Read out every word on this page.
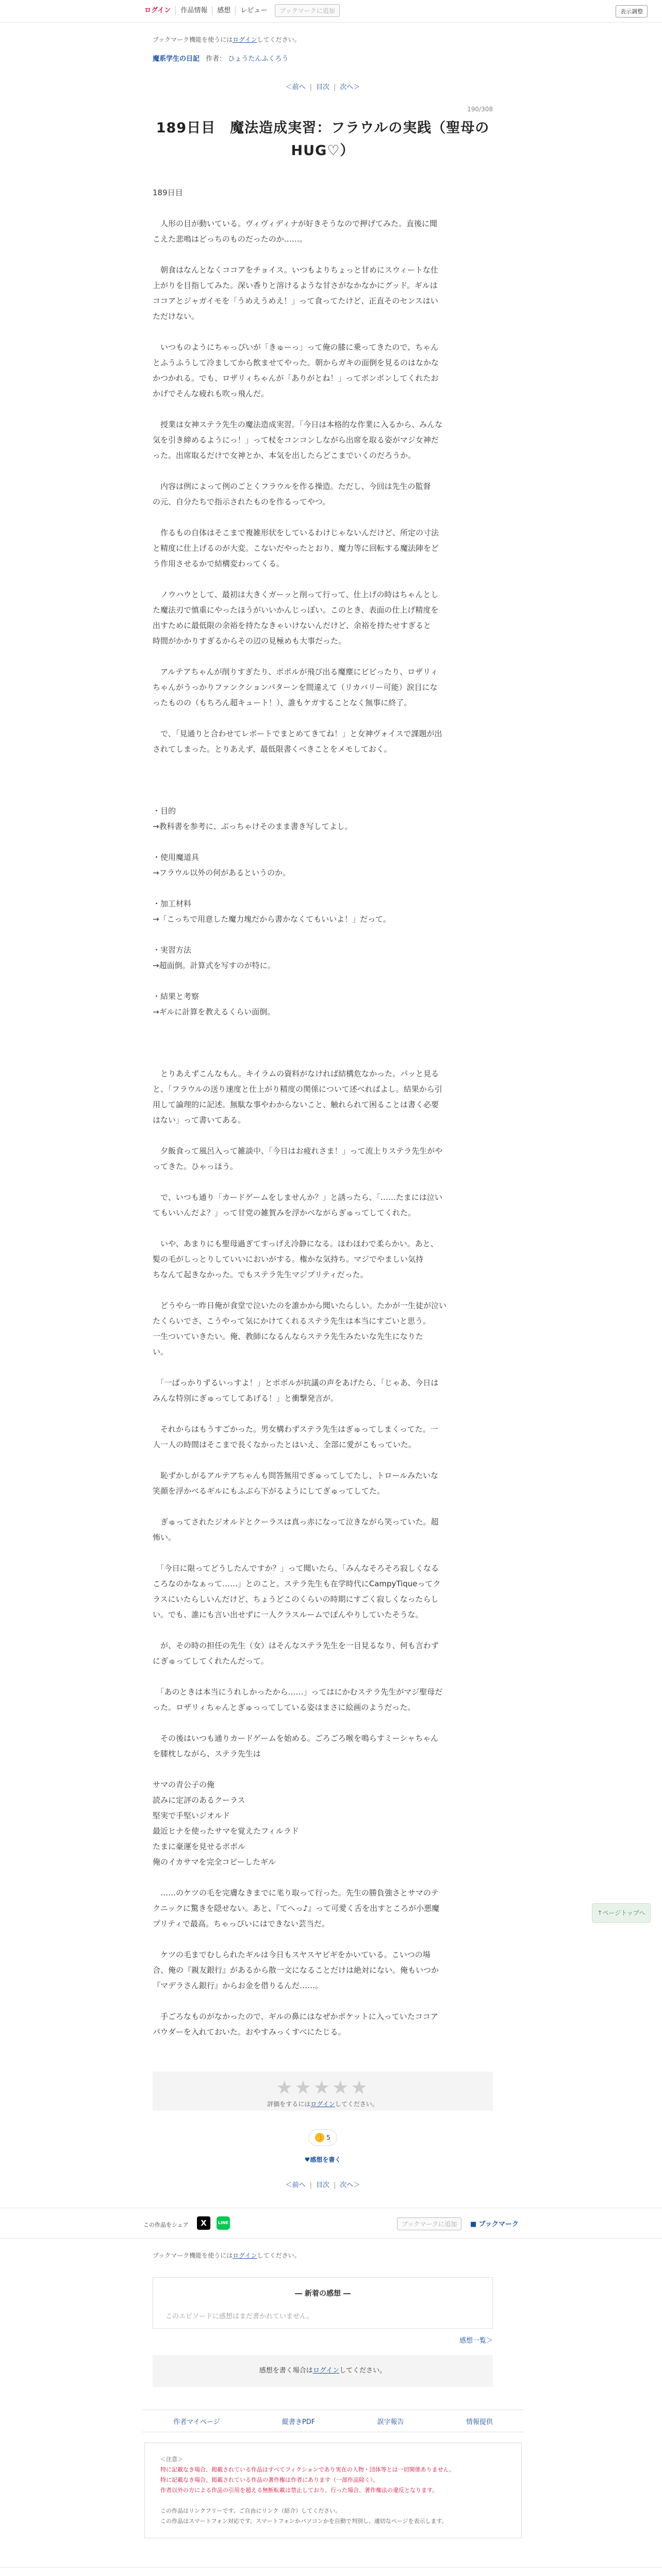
ログイン	作品情報	感想	レビュー	ブックマークに追加	表示調整
ブックマーク機能を使うにはログインしてください。
魔系学生の日記 作者： ひょうたんふくろう
＜前へ | 目次 | 次へ＞
190/308
189日目　魔法造成実習：フラウルの実践（聖母の
HUG♡）

189日目

　人形の目が動いている。ヴィヴィディナが好きそうなので押げてみた。直後に聞

こえた悲鳴はどっちのものだったのか……。

　朝食はなんとなくココアをチョイス。いつもよりちょっと甘めにスウィートな仕

上がりを目指してみた。深い香りと溶けるような甘さがなかなかにグッド。ギルは

ココアとジャガイモを「うめえうめえ！」って食ってたけど、正直そのセンスはい

ただけない。

　いつものようにちゃっぴいが「きゅーっ」って俺の膝に乗ってきたので、ちゃん

とふうふうして冷ましてから飲ませてやった。朝からガキの面倒を見るのはなかな

かつかれる。でも、ロザリィちゃんが「ありがとね！」ってポンポンしてくれたお

かげでそんな疲れも吹っ飛んだ。

　授業は女神ステラ先生の魔法造成実習。「今日は本格的な作業に入るから、みんな

気を引き締めるようにっ！」って杖をコンコンしながら出席を取る姿がマジ女神だ

った。出席取るだけで女神とか、本気を出したらどこまでいくのだろうか。

　内容は例によって例のごとくフラウルを作る操造。ただし、今回は先生の監督

の元、自分たちで指示されたものを作るってやつ。

　作るもの自体はそこまで複雑形状をしているわけじゃないんだけど、所定の寸法

と精度に仕上げるのが大変。こないだやったとおり、魔力等に回転する魔法陣をど

う作用させるかで結構変わってくる。

　ノウハウとして、最初は大きくガーッと削って行って、仕上げの時はちゃんとし

た魔法刃で慎重にやったほうがいいかんじっぽい。このとき、表面の仕上げ精度を

出すために最低限の余裕を持たなきゃいけないんだけど、余裕を持たせすぎると

時間がかかりすぎるからその辺の見極めも大事だった。

　アルテアちゃんが削りすぎたり、ポポルが飛び出る魔塵にビビったり、ロザリィ

ちゃんがうっかりファンクションパターンを間違えて（リカバリー可能）涙目にな

ったものの（もちろん超キュート！）、誰もケガすることなく無事に終了。

　で、「見通りと合わせてレポートでまとめてきてね！」と女神ヴォイスで課題が出

されてしまった。とりあえず、最低限書くべきことをメモしておく。

・目的

→教科書を参考に、ぶっちゃけそのまま書き写してよし。

・使用魔道具

→フラウル以外の何があるというのか。

・加工材料

→「こっちで用意した魔力塊だから書かなくてもいいよ！」だって。

・実習方法

→超面倒。計算式を写すのが特に。

・結果と考察

→ギルに計算を教えるくらい面倒。

　とりあえずこんなもん。キイラムの資料がなければ結構危なかった。パッと見る

と、「フラウルの送り速度と仕上がり精度の関係について述べればよし。結果から引

用して論理的に記述。無駄な事やわからないこと、触れられて困ることは書く必要

はない」って書いてある。

　夕飯食って風呂入って雑談中、「今日はお疲れさま！」って流上りステラ先生がや

ってきた。ひゃっほう。

　で、いつも通り「カードゲームをしませんか？」と誘ったら、「……たまには泣い

てもいいんだよ？」って甘党の雑賀みを浮かべながらぎゅってしてくれた。

　いや、あまりにも聖母過ぎてすっげえ冷静になる。ほわほわで柔らかい。あと、

髪の毛がしっとりしていいにおいがする。権かな気持ち。マジでやましい気持

ちなんて起きなかった。でもステラ先生マジプリティだった。

　どうやら一昨日俺が食堂で泣いたのを誰かから聞いたらしい。たかが一生徒が泣い

たくらいでさ、こうやって気にかけてくれるステラ先生は本当にすごいと思う。

一生ついていきたい。俺、教師になるんならステラ先生みたいな先生になりた

い。

　「一ぱっかりずるいっすよ！」とポポルが抗議の声をあげたら、「じゃあ、今日は

みんな特別にぎゅってしてあげる！」と衝撃発言が。

　それからはもうすごかった。男女構わずステラ先生はぎゅってしまくってた。一

人一人の時間はそこまで長くなかったとはいえ、全部に愛がこもっていた。

　恥ずかしがるアルテアちゃんも問答無用でぎゅってしてたし、トロールみたいな

笑顔を浮かべるギルにもふぶら下がるようにしてぎゅってしてた。

　ぎゅってされたジオルドとクーラスは真っ赤になって泣きながら笑っていた。超

怖い。

　「今日に限ってどうしたんですか？」って聞いたら、「みんなそろそろ寂しくなる

ころなのかなぁって……」とのこと。ステラ先生も在学時代にCampyTiqueってク

ラスにいたらしいんだけど、ちょうどこのくらいの時期にすごく寂しくなったらし

い。でも、誰にも言い出せずに一人クラスルームでぽんやりしていたそうな。

　が、その時の担任の先生（女）はそんなステラ先生を一目見るなり、何も言わず

にぎゅってしてくれたんだって。

　「あのときは本当にうれしかったから……」ってはにかむステラ先生がマジ聖母だ

った。ロザリィちゃんとぎゅっってしている姿はまさに絵画のようだった。

　その後はいつも通りカードゲームを始める。ごろごろ喉を鳴らすミーシャちゃん

を膝枕しながら、ステラ先生は

サマの青公子の俺

読みに定評のあるクーラス

堅実で手堅いジオルド

最近ヒナを使ったサマを覚えたフィルラド

たまに豪運を見せるポポル

俺のイカサマを完全コピーしたギル

　……のケツの毛を完膚なきまでに毟り取って行った。先生の勝負強さとサマのテ

クニックに驚きを隠せない。あと、『てへっ♪』って可愛く舌を出すところが小悪魔

プリティで最高。ちゃっぴいにはできない芸当だ。

　ケツの毛までむしられたギルは今日もスヤスヤピギをかいている。こいつの場

合、俺の『親友銀行』があるから散一文になることだけは絶対にない。俺もいつか

『マデラさん銀行』からお金を借りるんだ……。

　手ごろなものがなかったので、ギルの鼻にはなぜかポケットに入っていたココア

パウダーを入れておいた。おやすみっくすべにたじる。

★★★★★
評価をするにはログインしてください。
👍 5
♥感想を書く
＜前へ | 目次 | 次へ＞
この作品をシェア	X	LINE	ブックマークに追加	■ ブックマーク
ブックマーク機能を使うにはログインしてください。
― 新着の感想 ―
このエピソードに感想はまだ書かれていません。
感想一覧＞
感想を書く場合はログインしてください。
作者マイページ	縦書きPDF	誤字報告	情報提供
＜注意＞
特に記載なき場合、掲載されている作品はすべてフィクションであり実在の人物・団体等とは一切関係ありません。
特に記載なき場合、掲載されている作品の著作権は作者にあります（一部作品除く）。
作者以外の方による作品の引用を超える無断転載は禁止しており、行った場合、著作権法の違反となります。
この作品はリンクフリーです。ご自由にリンク（紹介）してください。
この作品はスマートフォン対応です。スマートフォンかパソコンかを自動で判別し、適切なページを表示します。
↑ページトップへ
